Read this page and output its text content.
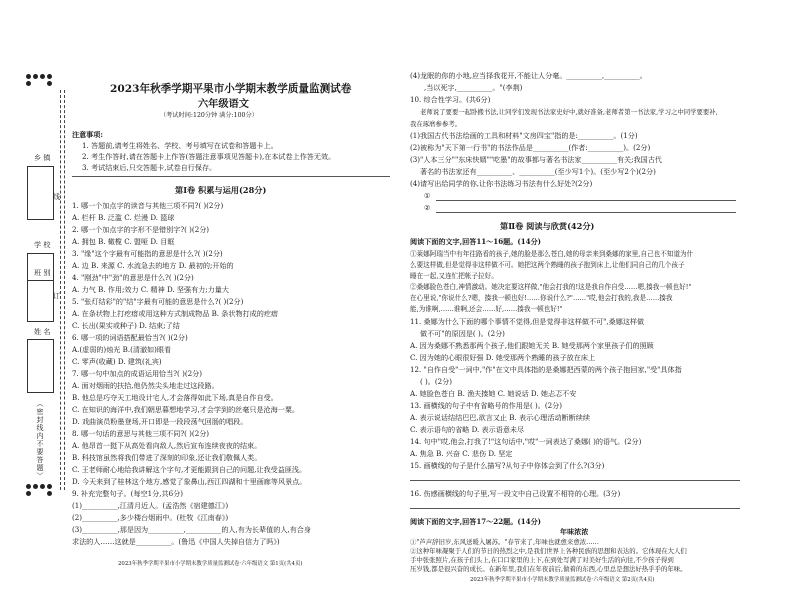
乡 镇
学 校
班 别
姓 名
线
订
（密封线内不要答题）
2023年秋季学期平果市小学期末教学质量监测试卷
六年级语文
（考试时间:120分钟 满分:100分）
注意事项:
1. 答题前,请考生将姓名、学校、考号填写在试卷和答题卡上。
2. 考生作答时,请在答题卡上作答(答题注意事项见答题卡),在本试卷上作答无效。
3. 考试结束后,只交答题卡,试卷自行保存。
第Ⅰ卷 积累与运用(28分)
1. 哪一个加点字的读音与其他三项不同?( )(2分)
A. 栏杆 B. 泛滥 C. 烂漫 D. 篮球
2. 哪一个加点字的字形不是错别字?( )(2分)
A. 拥包 B. 橄榄 C. 盟哑 D. 目眶
3. "缘"这个字最有可能指的意思是什么?( )(2分)
A. 边 B. 来源 C. 水流急去的地方 D. 最初的;开始的
4. "刚劲"中"劲"的意思是什么?( )(2分)
A. 力气 B. 作用;效力 C. 精神 D. 坚强有力;力量大
5. "张灯结彩"的"结"字最有可能的意思是什么?( )(2分)
A. 在条状物上打疙瘩或用这种方式制成物品 B. 条状物打成的疙瘩
C. 长出(果实或种子) D. 结束;了结
6. 哪一项的词语搭配最恰当?( )(2分)
A.(虚弱的)烛光 B.(清澈如)眼看
C. 零声(收藏) D. 建筑(礼宾)
7. 哪一句中加点的成语运用恰当?( )(2分)
A. 面对烟雨的扶拾,他仍然尖头地走过这段路。
B. 他总是巧夺天工地设计宅人,才会落得如此下场,真是自作自受。
C. 在知识的海洋中,我们朝思暮想地学习,才会学到的丝毫只是沧海一粟。
D. 戏曲演员粉墨登场,开口即是一段段荡气回肠的唱段。
8. 哪一句话的意思与其他三项不同?( )(2分)
A. 他昂首一挺下从高处看向敌人,然后宣布连续夜夜的结束。
B. 科技馆虽然将我们带进了深刻的印象,还让我们敬佩人类。
C. 王老师耐心地给我讲解这个字句,才更能跟到自己的问题,让我受益匪浅。
D. 今天来到了桂林这个地方,感觉了象鼻山,西江四湖和十里画廊等风景点。
9. 补充完整句子。(每空1分,共6分)
(1)__________,江清月近人。(孟浩然《宿建德江》)
(2)__________,多少楼台烟雨中。(杜牧《江南春》)
(3)__________,那是因为__________,__________的人,有为长辈值的人,有合身
求法的人……这就是__________。(鲁迅《中国人失掉自信力了吗》)
2023年秋季学期平果市小学期末教学质量监测试卷·六年级语文 第1页(共4页)
(4)龙眠的你的小地,应当择我花开,不能让人分毫。__________,__________。
,当以死字,__________。"(李荆)
10. 综合性学习。(共6分)
老师说了要要一起卧搬书法,让同学们发现书法家史好中,就好准备,老师者第一书法家,学习之中同学要要补,
我在琢磨参参考。
(1)我国古代书法绘画的工具和材料"文房四宝"指的是:__________。(1分)
(2)被称为"天下第一行书"的书法作品是__________(作者:__________)。(2分)
(3)"人本三分""东床快婿""吃墨"的故事都与著名书法家__________有关;我国古代
著名的书法家还有__________、__________(至少写1个)。(至少写2个)(2分)
(4)请写出给同学的你,让你书法练习书法有什么好处?(2分)
①
②
第Ⅱ卷 阅读与欣赏(42分)
阅读下面的文字,回答11～16题。(14分)
①莱娜阿瑞当中有年往路看的孩子,她的脸是那么苍白,她的母亲来到桑娜的家里,自己也不知道为什
么要这样做,但是觉得非这样做不可。她把这两个熟睡的孩子抱到床上,让他们同自己的几个孩子
睡在一起,又连忙把帐子拉好。
②桑娜脸色苍白,神情激动。她决定要这样做,"他会打我的!这是我自作自受……嗯,揍我一顿也好!"
在心里说,"你说什么?嗯，揍我一顿也好!……你说什么?"……"哎,他会打我的,我是……揍我
能,为谁啊,……谁啊,还会……好,……揍我一顿也好!"
11. 桑娜为什么下面的哪个事情不觉得,但是觉得非这样做不可",桑娜这样做
做不可"的原因是( )。(2分)
A. 因为桑娜不熟悉那两个孩子,他们跟她无关 B. 她受那两个家里孩子们的照顾
C. 因为她的心眼很好强 D. 她受那两个熟睡的孩子放在床上
12. "自作自受"一词中,"作"在文中具体指的是桑娜把西蒙的两个孩子抱回家,"受"具体指
( )。(2分)
A. 她脸色苍白 B. 渔夫揍她 C. 她说话 D. 她忐忑不安
13. 画横线的句子中有省略号的作用是( )。(2分)
A. 表示说话结结巴巴,欲言又止 B. 表示心理活动断断续续
C. 表示语句的省略 D. 表示语意未尽
14. 句中"哎,他会,打我了!"这句话中,"哎"一词表达了桑娜( )的语气。(2分)
A. 焦急 B. 兴奋 C. 悲伤 D. 坚定
15. 画横线的句子是什么描写?从句子中你体会到了什么?(3分)
16. 伤感画横线的句子里,写一段文中自己设置不相符的心理。(3分)
阅读下面的文字,回答17～22题。(14分)
年味浓浓
①"芦声辞旧岁,东风送暖入屠苏。"春节来了,年味也就愈来愈浓……
②这种年味凝聚于人们的节日的热烈之中,是我们世界上各种民族的思想和表达的。它体现在大人们
手中张张照片,在孩子们头上,在口口家里的上下,在到处写满了对美好生活的向往,不少孩子得到
压岁钱,都是很兴奋的成长。在新年里,我们在年夜前后,做着的东西,心里总是想法好热乎乎的年味。
2023年秋季学期平果市小学期末教学质量监测试卷·六年级语文 第2页(共4页)
